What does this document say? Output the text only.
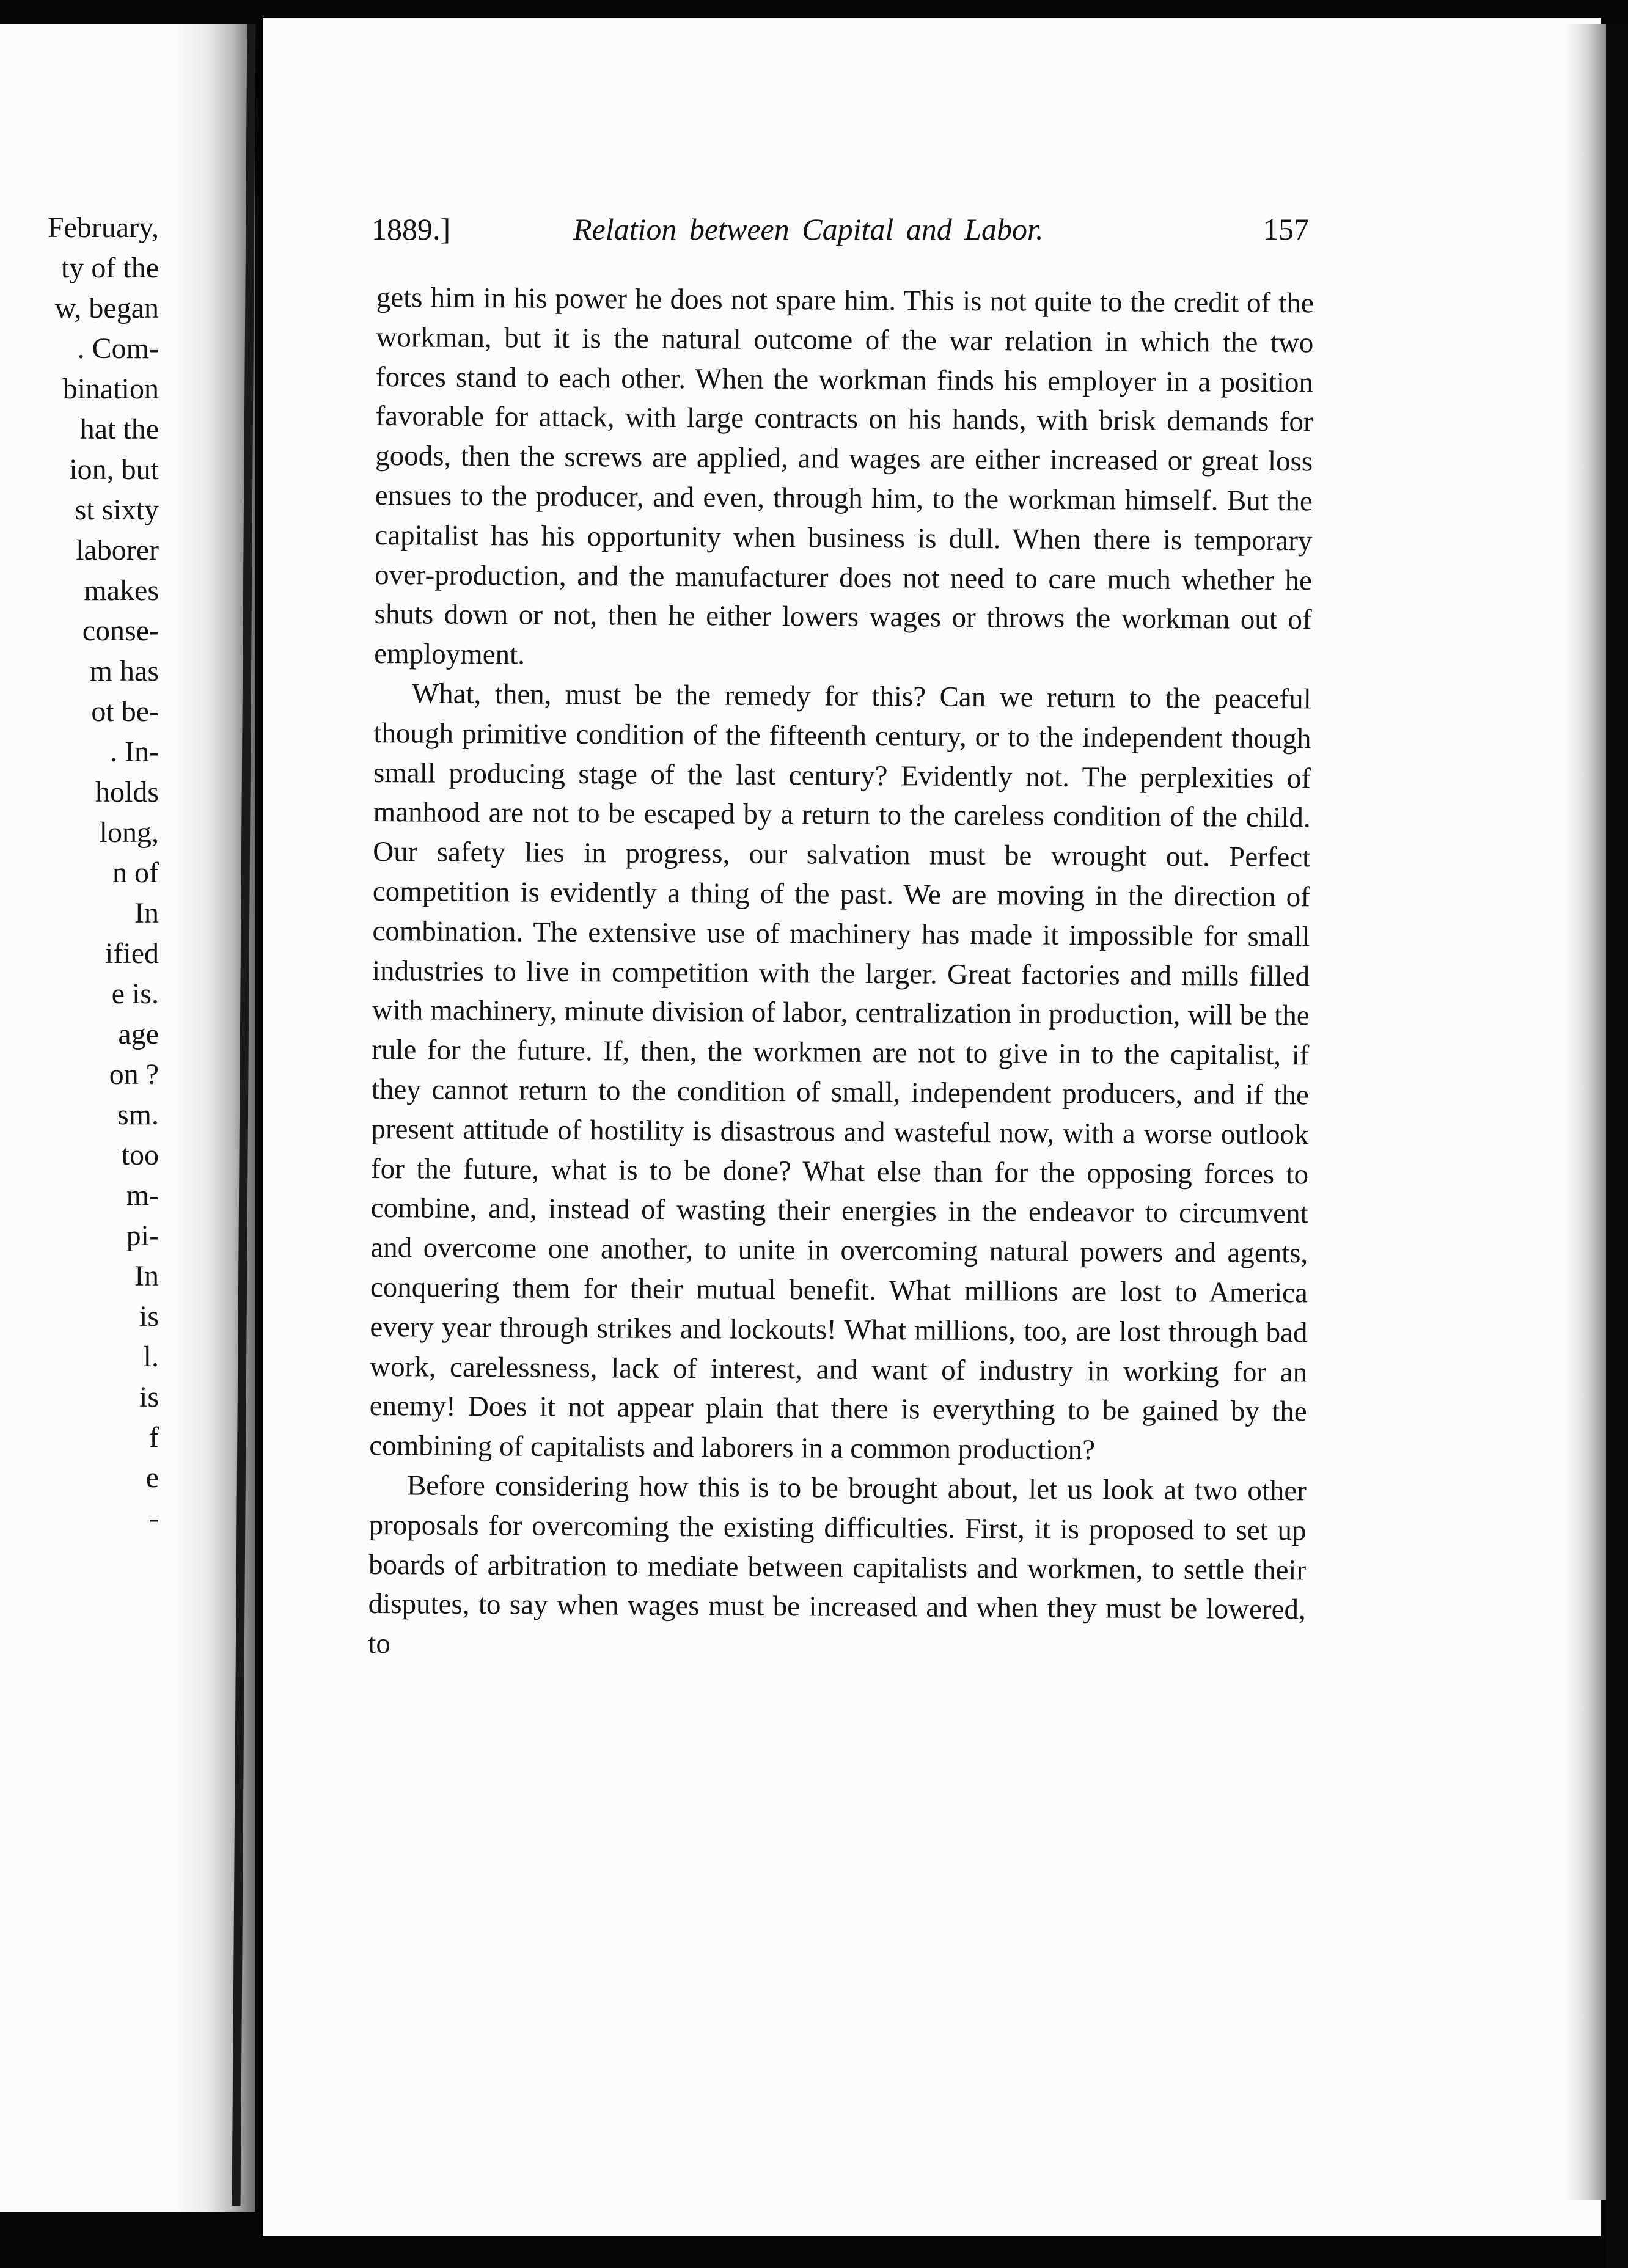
February,
ty of the
w, began
. Com-
bination
hat the
ion, but
st sixty
laborer
makes
conse-
m has
ot be-
. In-
holds
long,
n of
In
ified
e is.
age
on ?
sm.
too
m-
pi-
In
is
l.
is
f
e
-
1889.]	Relation between Capital and Labor.	157

gets him in his power he does not spare him. This is not quite to the credit of the workman, but it is the natural outcome of the war relation in which the two forces stand to each other. When the workman finds his employer in a position favorable for attack, with large contracts on his hands, with brisk demands for goods, then the screws are applied, and wages are either increased or great loss ensues to the producer, and even, through him, to the workman himself. But the capitalist has his opportunity when business is dull. When there is temporary over-production, and the manufacturer does not need to care much whether he shuts down or not, then he either lowers wages or throws the workman out of employment.

What, then, must be the remedy for this? Can we return to the peaceful though primitive condition of the fifteenth century, or to the independent though small producing stage of the last century? Evidently not. The perplexities of manhood are not to be escaped by a return to the careless condition of the child. Our safety lies in progress, our salvation must be wrought out. Perfect competition is evidently a thing of the past. We are moving in the direction of combination. The extensive use of machinery has made it impossible for small industries to live in competition with the larger. Great factories and mills filled with machinery, minute division of labor, centralization in production, will be the rule for the future. If, then, the workmen are not to give in to the capitalist, if they cannot return to the condition of small, independent producers, and if the present attitude of hostility is disastrous and wasteful now, with a worse outlook for the future, what is to be done? What else than for the opposing forces to combine, and, instead of wasting their energies in the endeavor to circumvent and overcome one another, to unite in overcoming natural powers and agents, conquering them for their mutual benefit. What millions are lost to America every year through strikes and lockouts! What millions, too, are lost through bad work, carelessness, lack of interest, and want of industry in working for an enemy! Does it not appear plain that there is everything to be gained by the combining of capitalists and laborers in a common production?

Before considering how this is to be brought about, let us look at two other proposals for overcoming the existing difficulties. First, it is proposed to set up boards of arbitration to mediate between capitalists and workmen, to settle their disputes, to say when wages must be increased and when they must be lowered, to
